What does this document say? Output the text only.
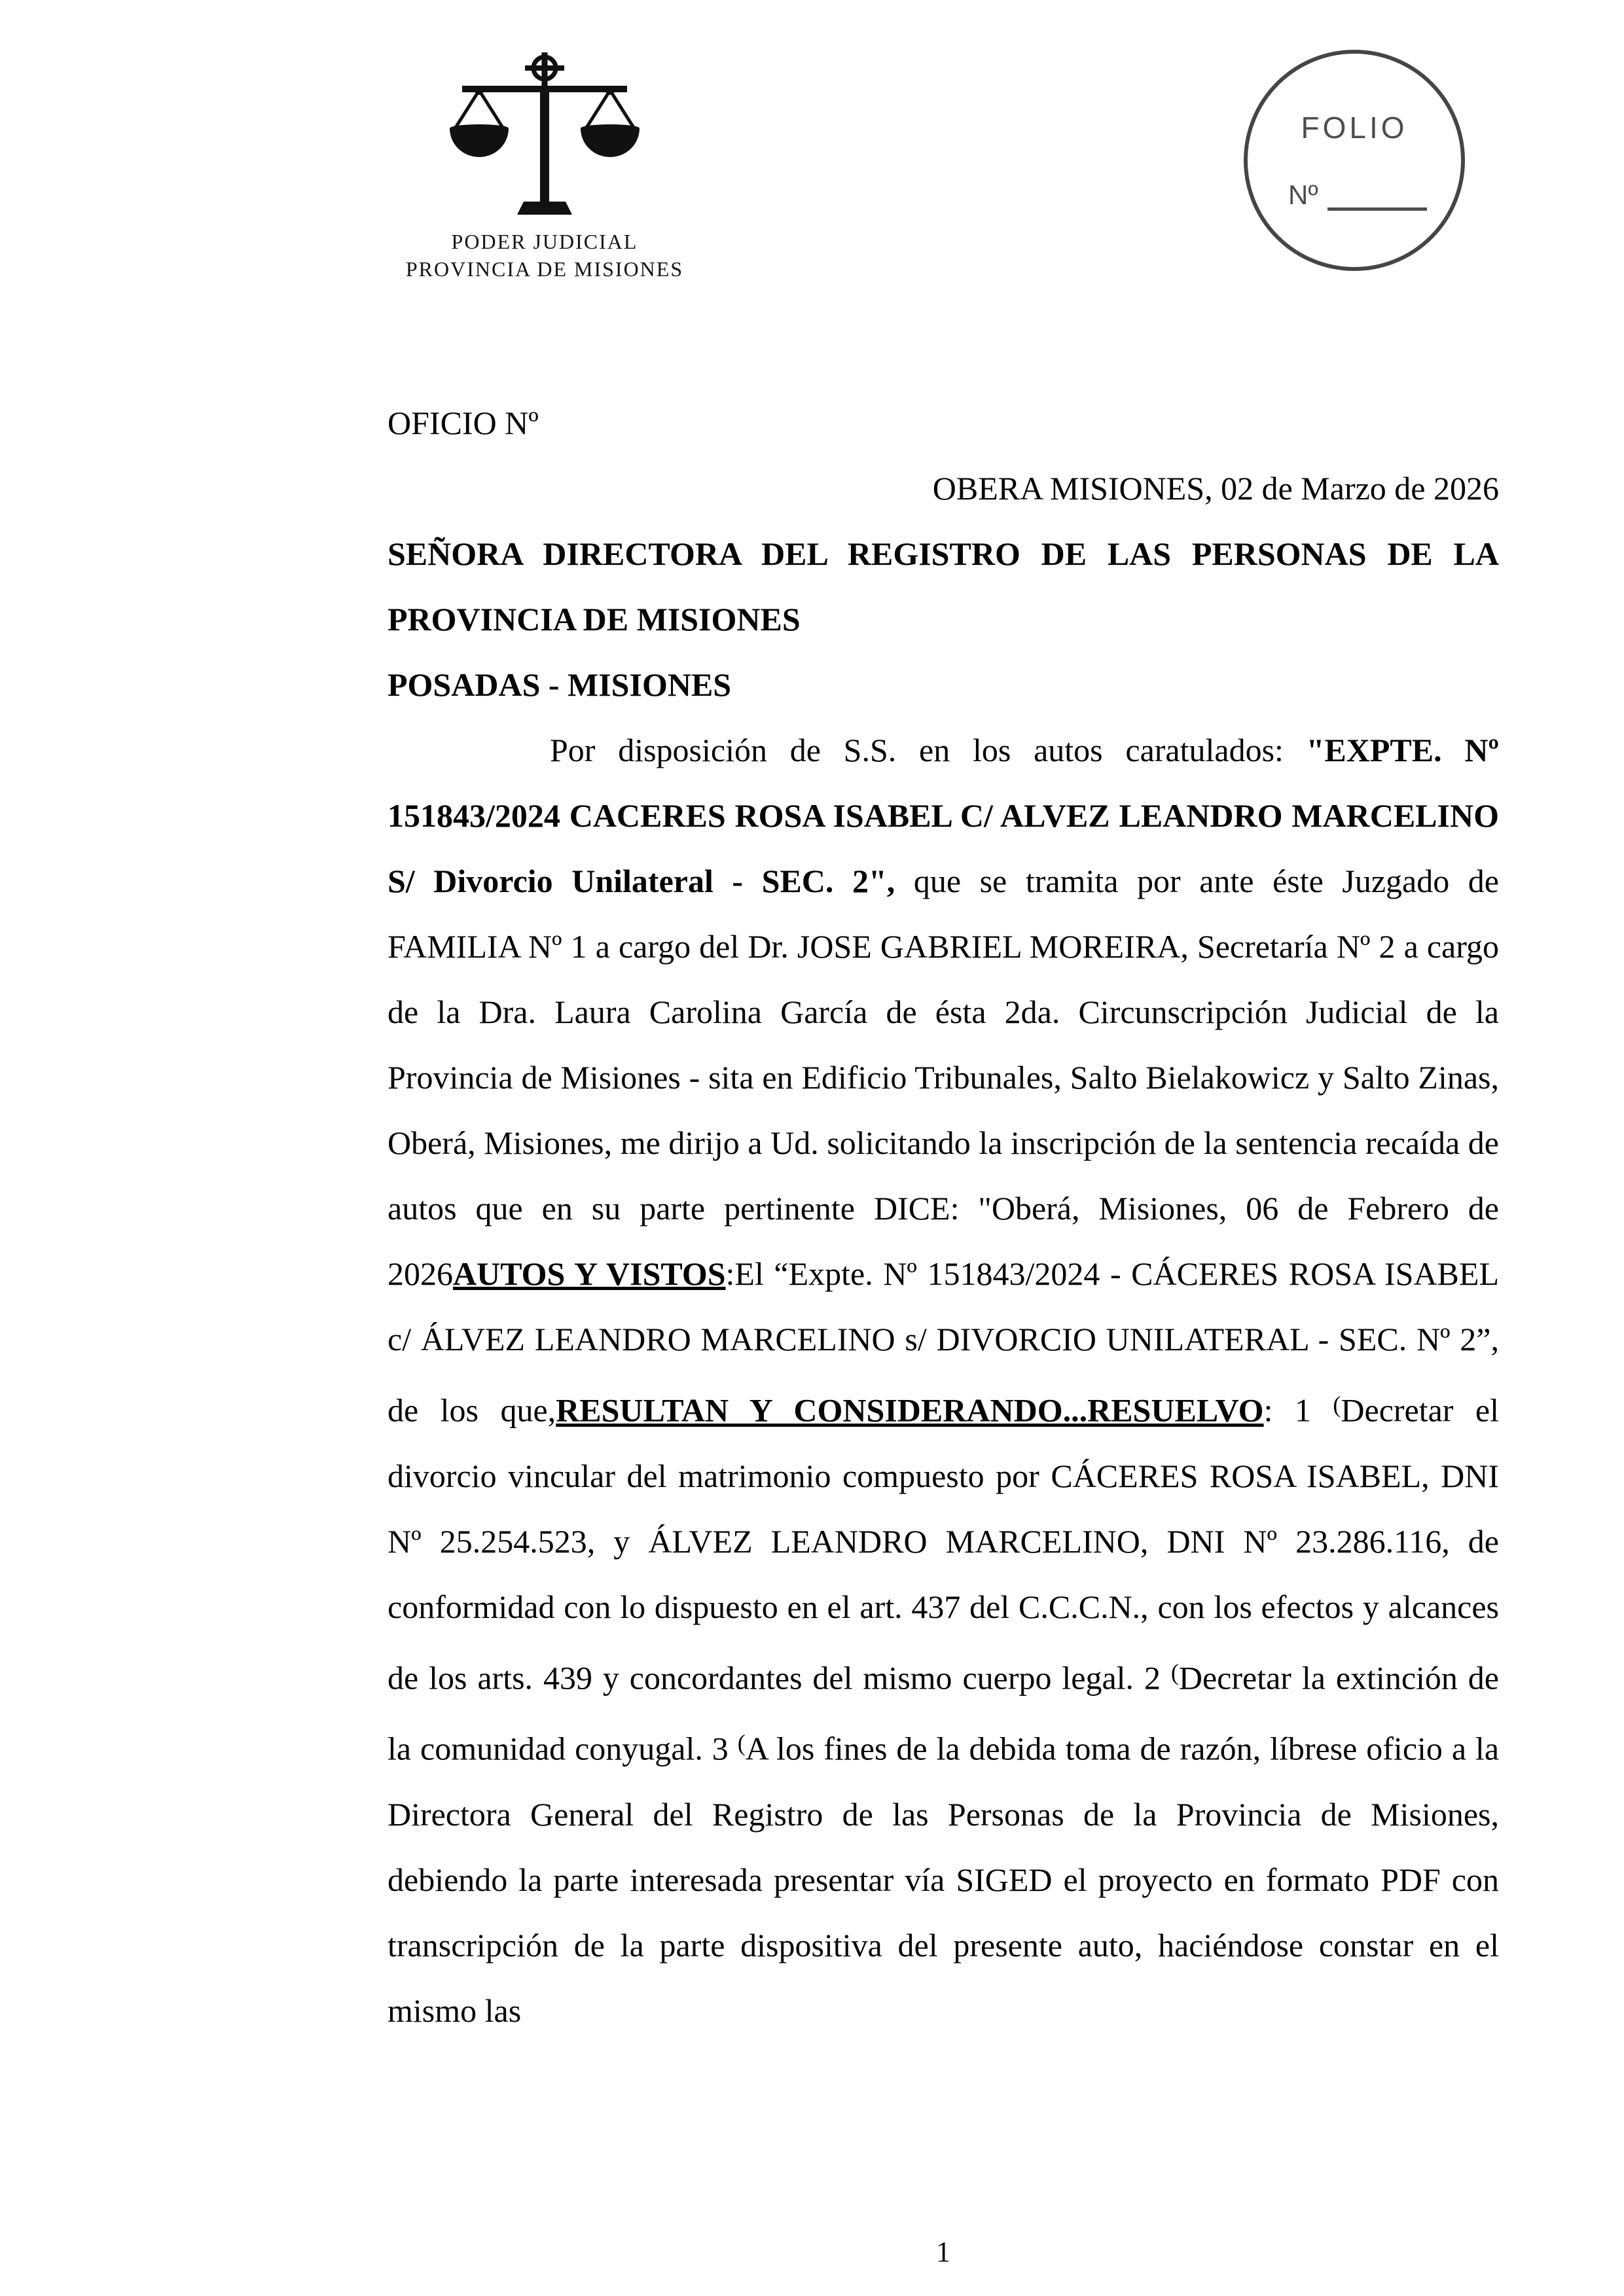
PODER JUDICIAL
PROVINCIA DE MISIONES
FOLIO
Nº

OFICIO Nº

OBERA MISIONES, 02 de Marzo de 2026

SEÑORA DIRECTORA DEL REGISTRO DE LAS PERSONAS DE LA PROVINCIA DE MISIONES

POSADAS - MISIONES

Por disposición de S.S. en los autos caratulados: "EXPTE. Nº 151843/2024 CACERES ROSA ISABEL C/ ALVEZ LEANDRO MARCELINO S/ Divorcio Unilateral - SEC. 2", que se tramita por ante éste Juzgado de FAMILIA Nº 1 a cargo del Dr. JOSE GABRIEL MOREIRA, Secretaría Nº 2 a cargo de la Dra. Laura Carolina García de ésta 2da. Circunscripción Judicial de la Provincia de Misiones - sita en Edificio Tribunales, Salto Bielakowicz y Salto Zinas, Oberá, Misiones, me dirijo a Ud. solicitando la inscripción de la sentencia recaída de autos que en su parte pertinente DICE: "Oberá, Misiones, 06 de Febrero de 2026AUTOS Y VISTOS:El “Expte. Nº 151843/2024 - CÁCERES ROSA ISABEL c/ ÁLVEZ LEANDRO MARCELINO s/ DIVORCIO UNILATERAL - SEC. Nº 2”, de los que,RESULTAN Y CONSIDERANDO...RESUELVO: 1 (Decretar el divorcio vincular del matrimonio compuesto por CÁCERES ROSA ISABEL, DNI Nº 25.254.523, y ÁLVEZ LEANDRO MARCELINO, DNI Nº 23.286.116, de conformidad con lo dispuesto en el art. 437 del C.C.C.N., con los efectos y alcances de los arts. 439 y concordantes del mismo cuerpo legal. 2 (Decretar la extinción de la comunidad conyugal. 3 (A los fines de la debida toma de razón, líbrese oficio a la Directora General del Registro de las Personas de la Provincia de Misiones, debiendo la parte interesada presentar vía SIGED el proyecto en formato PDF con transcripción de la parte dispositiva del presente auto, haciéndose constar en el mismo las

1
